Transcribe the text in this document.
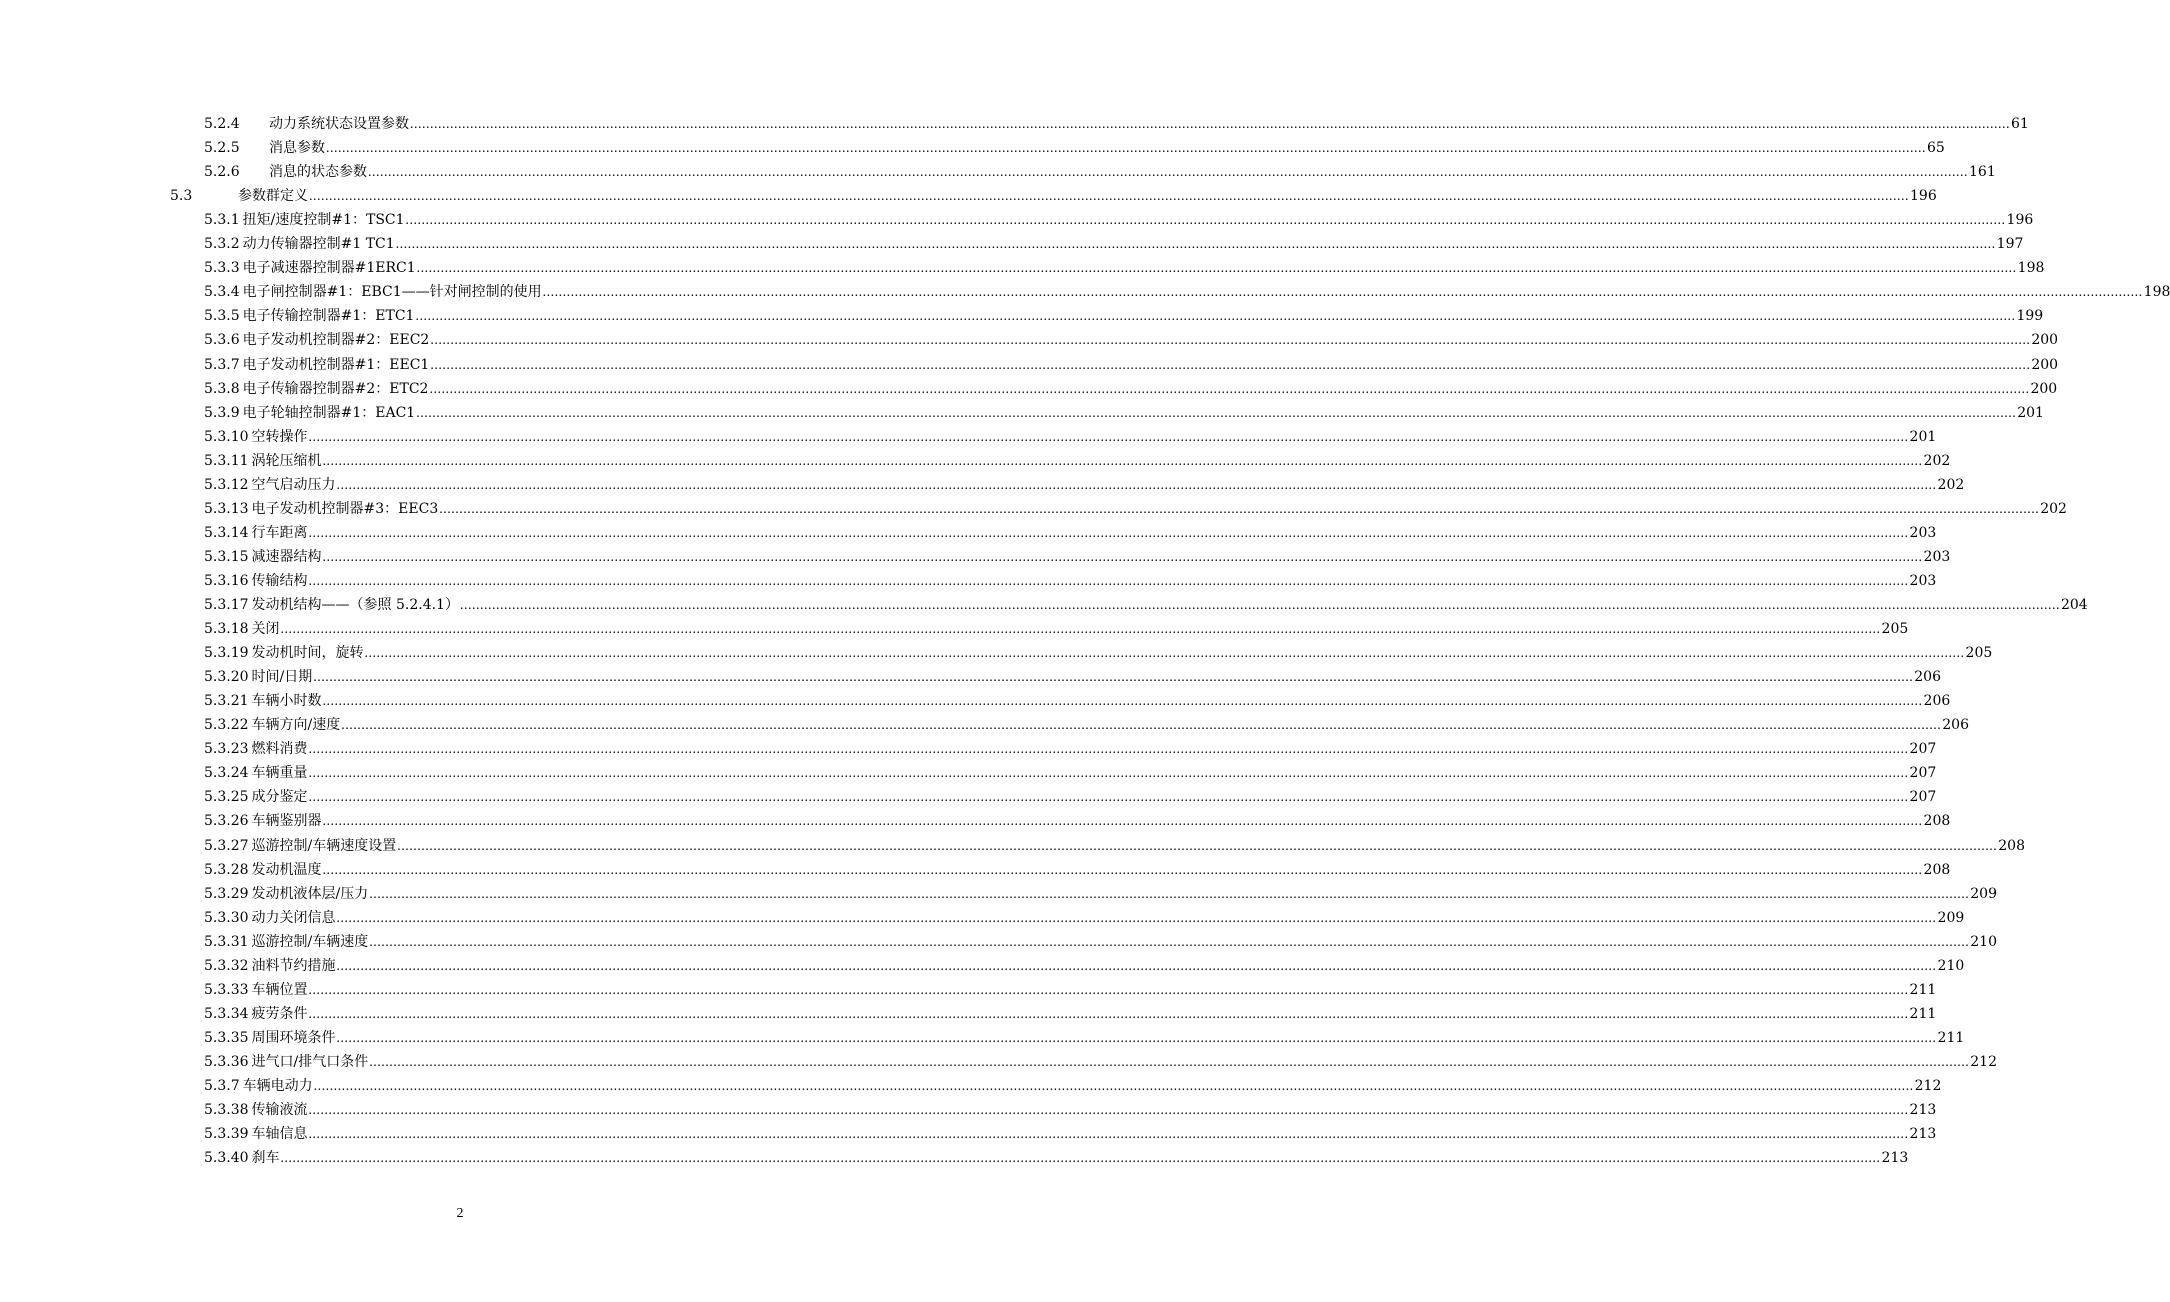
5.2.4	动力系统状态设置参数 ................................................................................................................................................................................................................................................................................................................................................................................................................ 61
5.2.5	消息参数 ................................................................................................................................................................................................................................................................................................................................................................................................................ 65
5.2.6	消息的状态参数 ................................................................................................................................................................................................................................................................................................................................................................................................................ 161
5.3	参数群定义 ................................................................................................................................................................................................................................................................................................................................................................................................................ 196
5.3.1 扭矩/速度控制#1：TSC1 ................................................................................................................................................................................................................................................................................................................................................................................................................ 196
5.3.2 动力传输器控制#1 TC1 ................................................................................................................................................................................................................................................................................................................................................................................................................ 197
5.3.3 电子减速器控制器#1ERC1 ................................................................................................................................................................................................................................................................................................................................................................................................................ 198
5.3.4 电子闸控制器#1：EBC1——针对闸控制的使用 ................................................................................................................................................................................................................................................................................................................................................................................................................ 198
5.3.5 电子传输控制器#1：ETC1 ................................................................................................................................................................................................................................................................................................................................................................................................................ 199
5.3.6 电子发动机控制器#2：EEC2 ................................................................................................................................................................................................................................................................................................................................................................................................................ 200
5.3.7 电子发动机控制器#1：EEC1 ................................................................................................................................................................................................................................................................................................................................................................................................................ 200
5.3.8 电子传输器控制器#2：ETC2 ................................................................................................................................................................................................................................................................................................................................................................................................................ 200
5.3.9 电子轮轴控制器#1：EAC1 ................................................................................................................................................................................................................................................................................................................................................................................................................ 201
5.3.10 空转操作 ................................................................................................................................................................................................................................................................................................................................................................................................................ 201
5.3.11 涡轮压缩机 ................................................................................................................................................................................................................................................................................................................................................................................................................ 202
5.3.12 空气启动压力 ................................................................................................................................................................................................................................................................................................................................................................................................................ 202
5.3.13 电子发动机控制器#3：EEC3 ................................................................................................................................................................................................................................................................................................................................................................................................................ 202
5.3.14 行车距离 ................................................................................................................................................................................................................................................................................................................................................................................................................ 203
5.3.15 减速器结构 ................................................................................................................................................................................................................................................................................................................................................................................................................ 203
5.3.16 传输结构 ................................................................................................................................................................................................................................................................................................................................................................................................................ 203
5.3.17 发动机结构——（参照 5.2.4.1） ................................................................................................................................................................................................................................................................................................................................................................................................................ 204
5.3.18 关闭 ................................................................................................................................................................................................................................................................................................................................................................................................................ 205
5.3.19 发动机时间，旋转 ................................................................................................................................................................................................................................................................................................................................................................................................................ 205
5.3.20 时间/日期 ................................................................................................................................................................................................................................................................................................................................................................................................................ 206
5.3.21 车辆小时数 ................................................................................................................................................................................................................................................................................................................................................................................................................ 206
5.3.22 车辆方向/速度 ................................................................................................................................................................................................................................................................................................................................................................................................................ 206
5.3.23 燃料消费 ................................................................................................................................................................................................................................................................................................................................................................................................................ 207
5.3.24 车辆重量 ................................................................................................................................................................................................................................................................................................................................................................................................................ 207
5.3.25 成分鉴定 ................................................................................................................................................................................................................................................................................................................................................................................................................ 207
5.3.26 车辆鉴别器 ................................................................................................................................................................................................................................................................................................................................................................................................................ 208
5.3.27 巡游控制/车辆速度设置 ................................................................................................................................................................................................................................................................................................................................................................................................................ 208
5.3.28 发动机温度 ................................................................................................................................................................................................................................................................................................................................................................................................................ 208
5.3.29 发动机液体层/压力 ................................................................................................................................................................................................................................................................................................................................................................................................................ 209
5.3.30 动力关闭信息 ................................................................................................................................................................................................................................................................................................................................................................................................................ 209
5.3.31 巡游控制/车辆速度 ................................................................................................................................................................................................................................................................................................................................................................................................................ 210
5.3.32 油料节约措施 ................................................................................................................................................................................................................................................................................................................................................................................................................ 210
5.3.33 车辆位置 ................................................................................................................................................................................................................................................................................................................................................................................................................ 211
5.3.34 疲劳条件 ................................................................................................................................................................................................................................................................................................................................................................................................................ 211
5.3.35 周围环境条件 ................................................................................................................................................................................................................................................................................................................................................................................................................ 211
5.3.36 进气口/排气口条件 ................................................................................................................................................................................................................................................................................................................................................................................................................ 212
5.3.7 车辆电动力 ................................................................................................................................................................................................................................................................................................................................................................................................................ 212
5.3.38 传输液流 ................................................................................................................................................................................................................................................................................................................................................................................................................ 213
5.3.39 车轴信息 ................................................................................................................................................................................................................................................................................................................................................................................................................ 213
5.3.40 刹车 ................................................................................................................................................................................................................................................................................................................................................................................................................ 213
2
